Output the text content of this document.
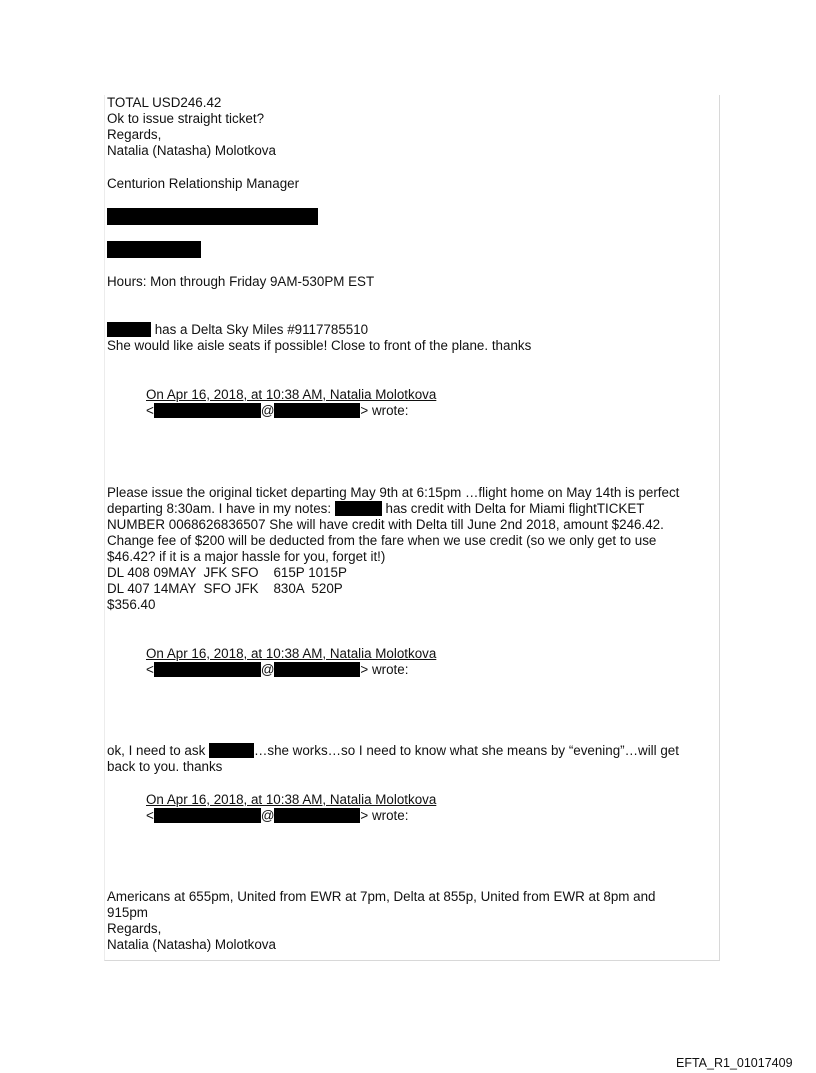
TOTAL USD246.42
Ok to issue straight ticket?
Regards,
Natalia (Natasha) Molotkova
Centurion Relationship Manager
Hours: Mon through Friday 9AM-530PM EST
has a Delta Sky Miles #9117785510
She would like aisle seats if possible! Close to front of the plane. thanks
On Apr 16, 2018, at 10:38 AM, Natalia Molotkova
<	@	> wrote:
Please issue the original ticket departing May 9th at 6:15pm …flight home on May 14th is perfect
departing 8:30am. I have in my notes:	has credit with Delta for Miami flightTICKET
NUMBER 0068626836507 She will have credit with Delta till June 2nd 2018, amount $246.42.
Change fee of $200 will be deducted from the fare when we use credit (so we only get to use
$46.42? if it is a major hassle for you, forget it!)
DL 408 09MAY  JFK SFO    615P 1015P
DL 407 14MAY  SFO JFK    830A  520P
$356.40
On Apr 16, 2018, at 10:38 AM, Natalia Molotkova
<	@	> wrote:
ok, I need to ask	…she works…so I need to know what she means by “evening”…will get
back to you. thanks
On Apr 16, 2018, at 10:38 AM, Natalia Molotkova
<	@	> wrote:
Americans at 655pm, United from EWR at 7pm, Delta at 855p, United from EWR at 8pm and
915pm
Regards,
Natalia (Natasha) Molotkova
EFTA_R1_01017409
